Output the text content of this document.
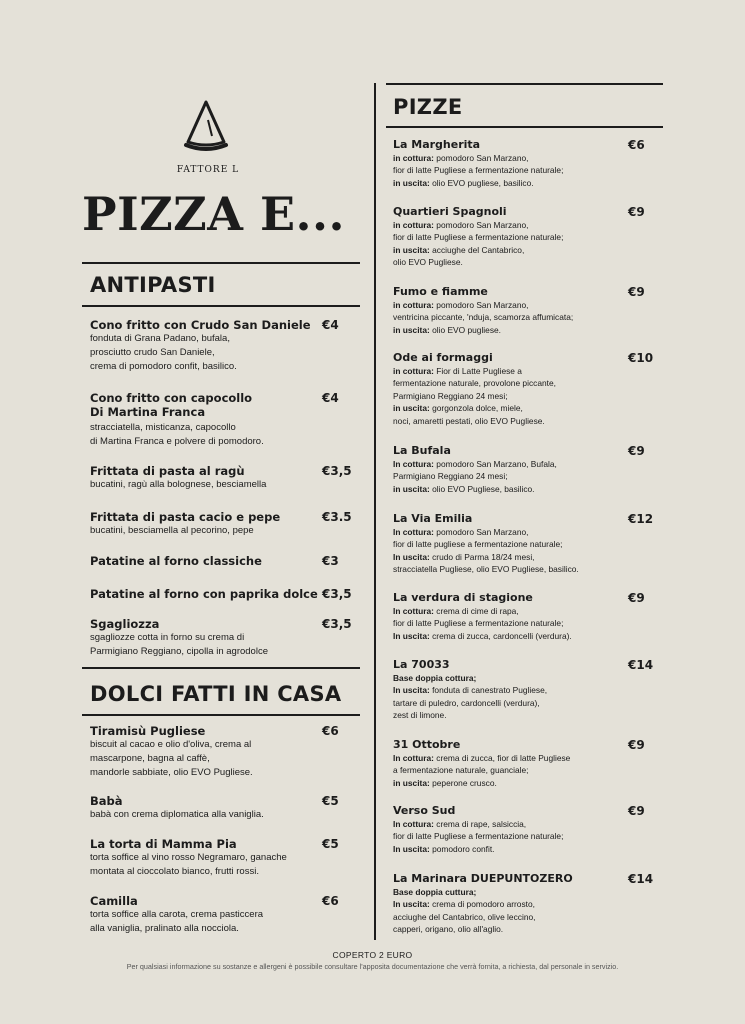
FATTORE L
PIZZA E...
ANTIPASTI
DOLCI FATTI IN CASA
PIZZE
Cono fritto con Crudo San Daniele
fonduta di Grana Padano, bufala,
prosciutto crudo San Daniele,
crema di pomodoro confit, basilico.
€4
Cono fritto con capocollo
Di Martina Franca
stracciatella, misticanza, capocollo
di Martina Franca e polvere di pomodoro.
€4
Frittata di pasta al ragù
bucatini, ragù alla bolognese, besciamella
€3,5
Frittata di pasta cacio e pepe
bucatini, besciamella al pecorino, pepe
€3.5
Patatine al forno classiche	€3
Patatine al forno con paprika dolce €3,5
Sgagliozza
sgagliozze cotta in forno su crema di
Parmigiano Reggiano, cipolla in agrodolce
€3,5
Tiramisù Pugliese
biscuit al cacao e olio d'oliva, crema al
mascarpone, bagna al caffè,
mandorle sabbiate, olio EVO Pugliese.
€6
Babà
babà con crema diplomatica alla vaniglia.
€5
La torta di Mamma Pia
torta soffice al vino rosso Negramaro, ganache
montata al cioccolato bianco, frutti rossi.
€5
Camilla
torta soffice alla carota, crema pasticcera
alla vaniglia, pralinato alla nocciola.
€6
La Margherita
in cottura: pomodoro San Marzano,
fior di latte Pugliese a fermentazione naturale;
in uscita: olio EVO pugliese, basilico.
€6
Quartieri Spagnoli
in cottura: pomodoro San Marzano,
fior di latte Pugliese a fermentazione naturale;
in uscita: acciughe del Cantabrico,
olio EVO Pugliese.
€9
Fumo e fiamme
in cottura: pomodoro San Marzano,
ventricina piccante, 'nduja, scamorza affumicata;
in uscita: olio EVO pugliese.
€9
Ode ai formaggi
in cottura: Fior di Latte Pugliese a
fermentazione naturale, provolone piccante,
Parmigiano Reggiano 24 mesi;
in uscita: gorgonzola dolce, miele,
noci, amaretti pestati, olio EVO Pugliese.
€10
La Bufala
In cottura: pomodoro San Marzano, Bufala,
Parmigiano Reggiano 24 mesi;
in uscita: olio EVO Pugliese, basilico.
€9
La Via Emilia
In cottura: pomodoro San Marzano,
fior di latte pugliese a fermentazione naturale;
In uscita: crudo di Parma 18/24 mesi,
stracciatella Pugliese, olio EVO Pugliese, basilico.
€12
La verdura di stagione
In cottura: crema di cime di rapa,
fior di latte Pugliese a fermentazione naturale;
In uscita: crema di zucca, cardoncelli (verdura).
€9
La 70033
Base doppia cottura;
In uscita: fonduta di canestrato Pugliese,
tartare di puledro, cardoncelli (verdura),
zest di limone.
€14
31 Ottobre
In cottura: crema di zucca, fior di latte Pugliese
a fermentazione naturale, guanciale;
in uscita: peperone crusco.
€9
Verso Sud
In cottura: crema di rape, salsiccia,
fior di latte Pugliese a fermentazione naturale;
In uscita: pomodoro confit.
€9
La Marinara DUEPUNTOZERO
Base doppia cuttura;
In uscita: crema di pomodoro arrosto,
acciughe del Cantabrico, olive leccino,
capperi, origano, olio all'aglio.
€14
COPERTO 2 EURO
Per qualsiasi informazione su sostanze e allergeni è possibile consultare l'apposita documentazione che verrà fornita, a richiesta, dal personale in servizio.
